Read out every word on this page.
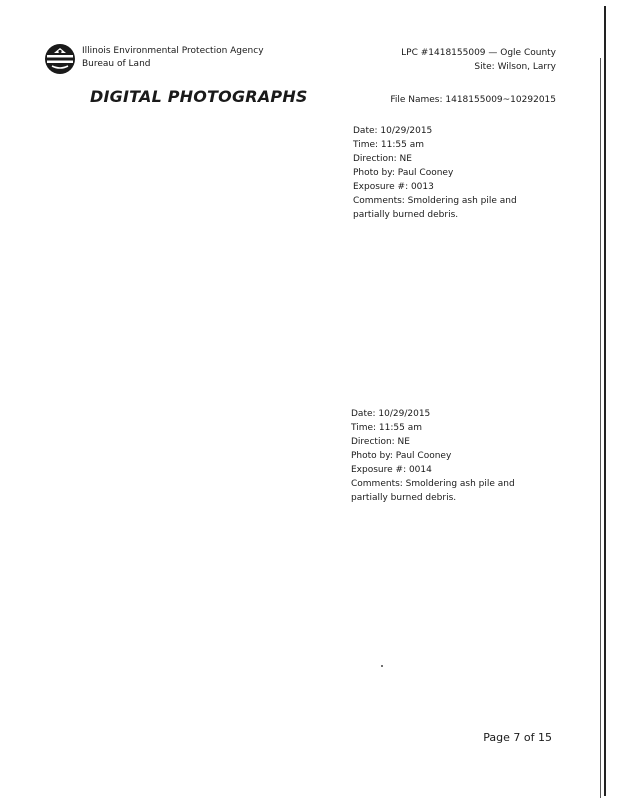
Illinois Environmental Protection Agency
Bureau of Land
LPC #1418155009 — Ogle County
Site: Wilson, Larry
DIGITAL PHOTOGRAPHS	File Names: 1418155009~10292015
Date: 10/29/2015
Time: 11:55 am
Direction: NE
Photo by: Paul Cooney
Exposure #: 0013
Comments: Smoldering ash pile and
partially burned debris.
Date: 10/29/2015
Time: 11:55 am
Direction: NE
Photo by: Paul Cooney
Exposure #: 0014
Comments: Smoldering ash pile and
partially burned debris.
Page 7 of 15
